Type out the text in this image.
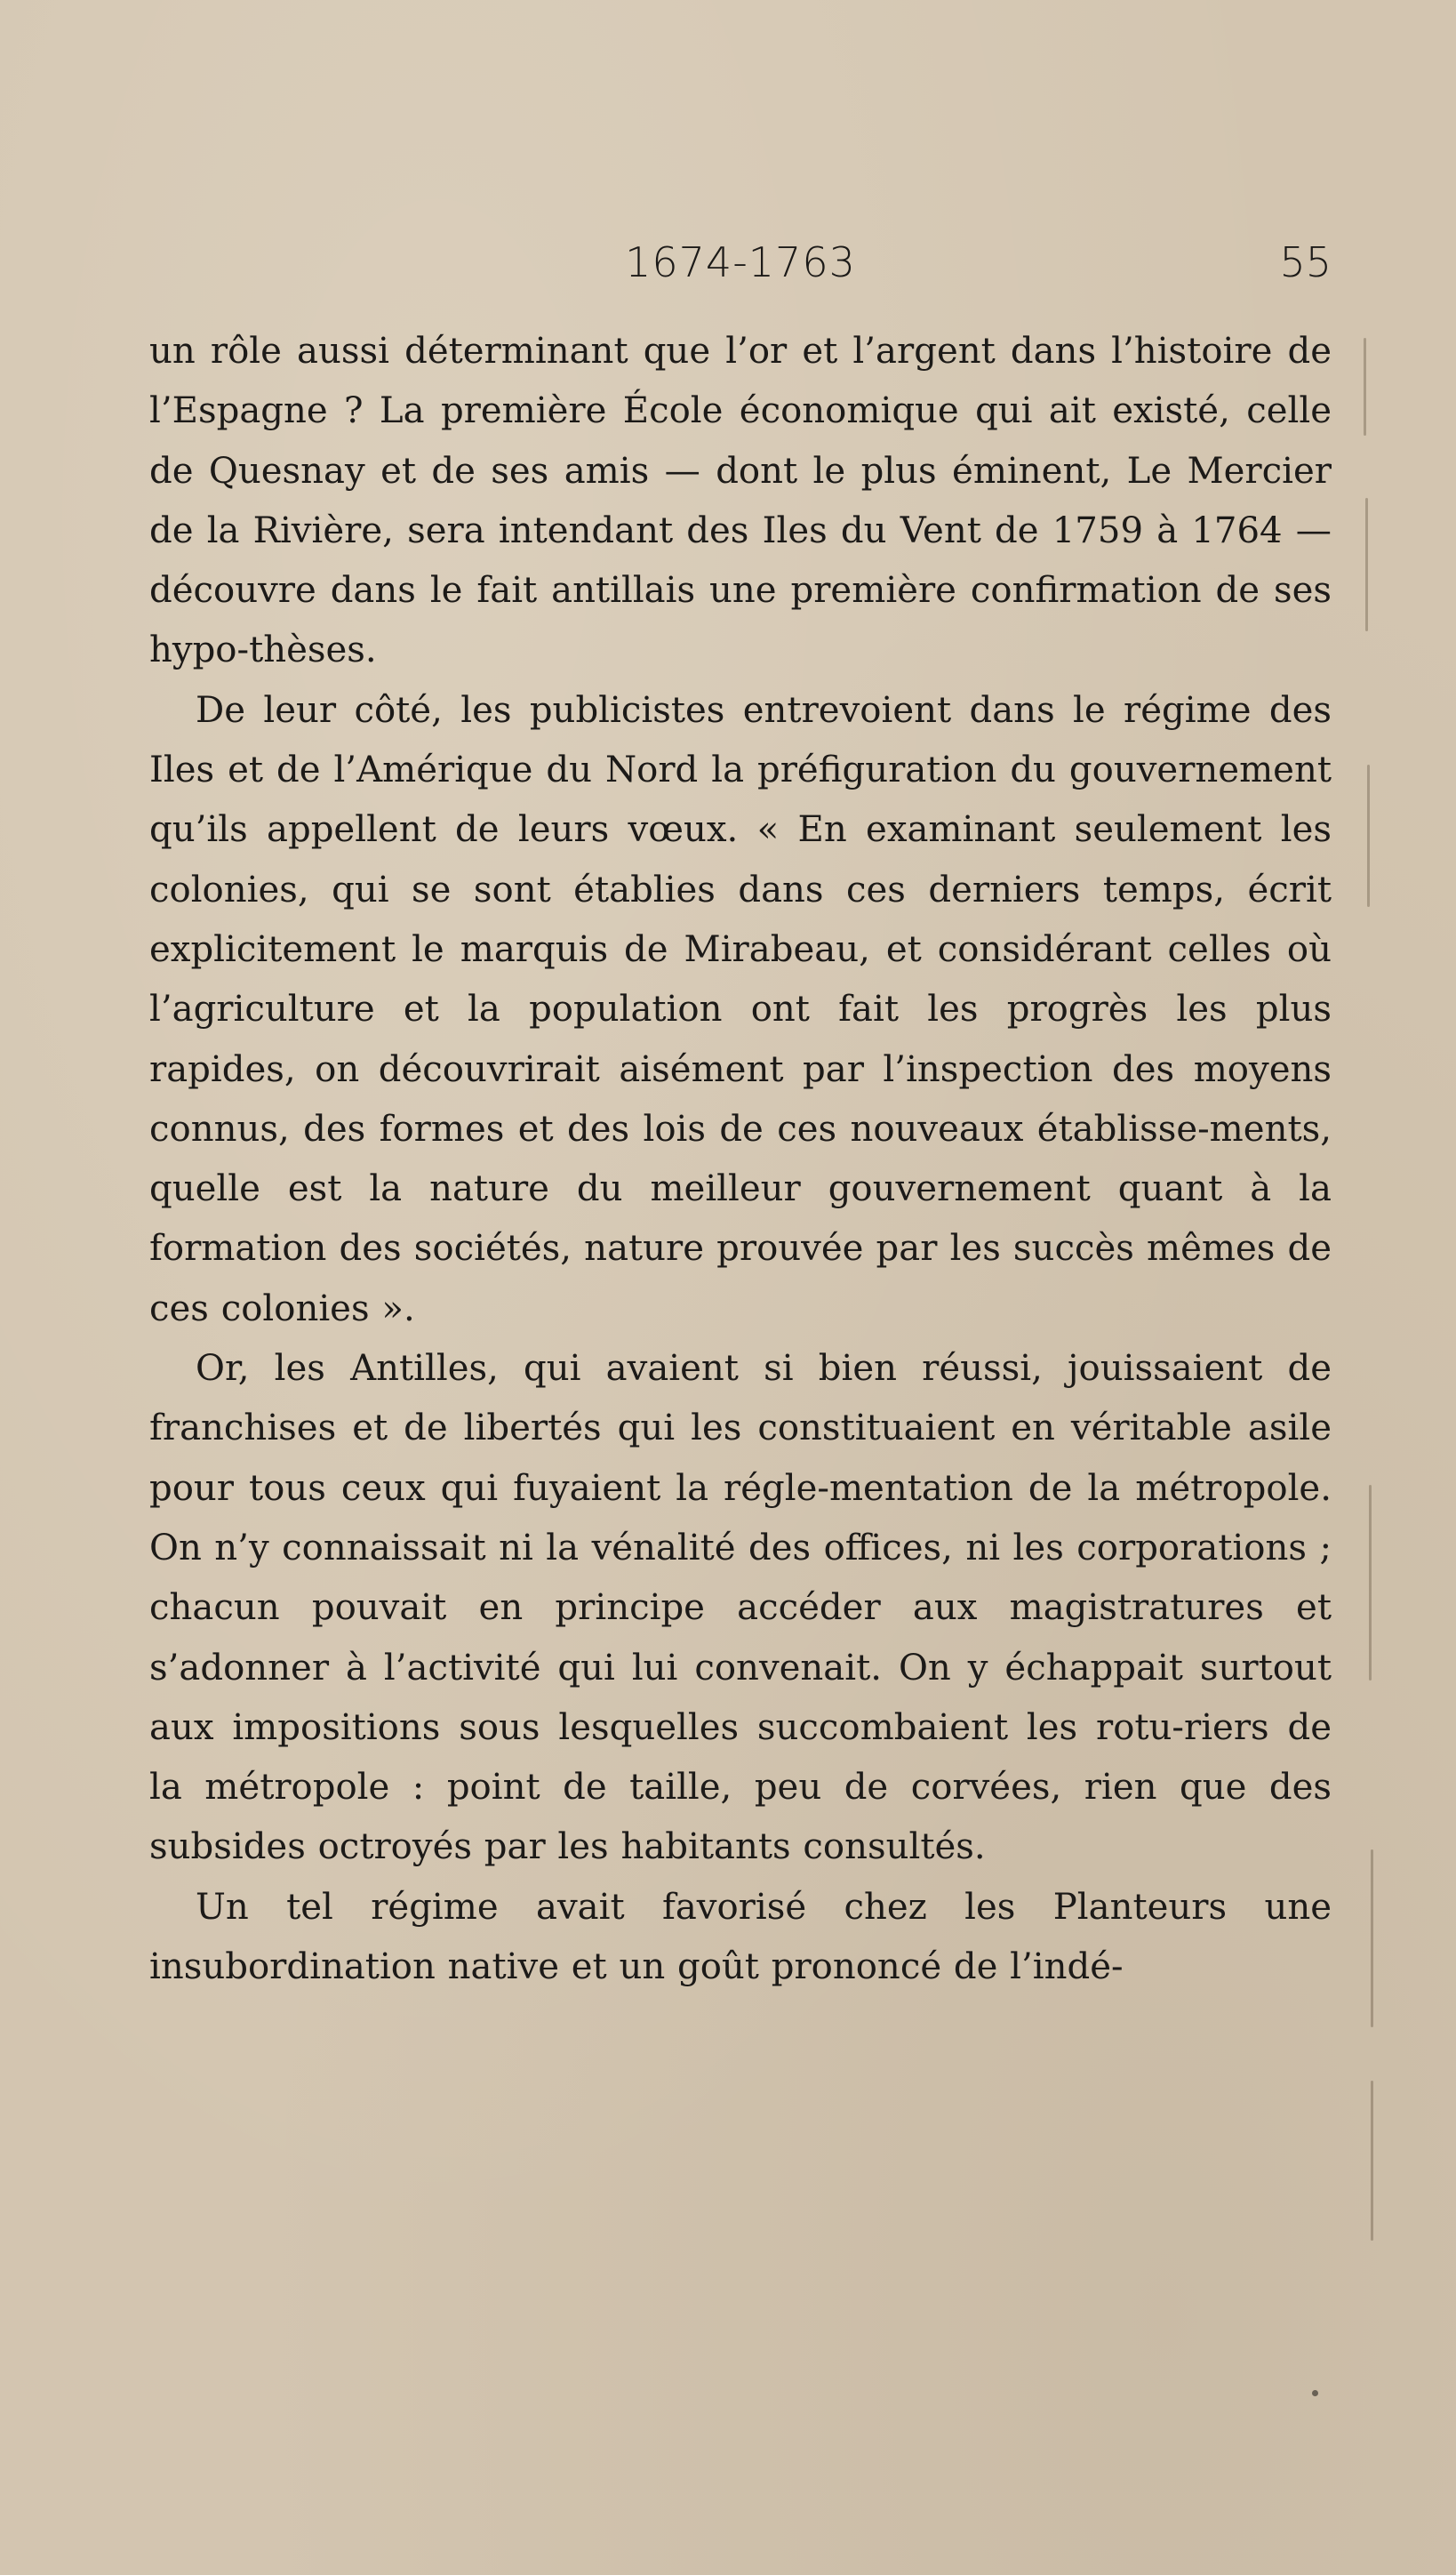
1674-1763	55

un rôle aussi déterminant que l’or et l’argent dans l’histoire de l’Espagne ? La première École économique qui ait existé, celle de Quesnay et de ses amis — dont le plus éminent, Le Mercier de la Rivière, sera intendant des Iles du Vent de 1759 à 1764 — découvre dans le fait antillais une première confirmation de ses hypo-thèses.

De leur côté, les publicistes entrevoient dans le régime des Iles et de l’Amérique du Nord la préfiguration du gouvernement qu’ils appellent de leurs vœux. « En examinant seulement les colonies, qui se sont établies dans ces derniers temps, écrit explicitement le marquis de Mirabeau, et considérant celles où l’agriculture et la population ont fait les progrès les plus rapides, on découvrirait aisément par l’inspection des moyens connus, des formes et des lois de ces nouveaux établisse-ments, quelle est la nature du meilleur gouvernement quant à la formation des sociétés, nature prouvée par les succès mêmes de ces colonies ».

Or, les Antilles, qui avaient si bien réussi, jouissaient de franchises et de libertés qui les constituaient en véritable asile pour tous ceux qui fuyaient la régle-mentation de la métropole. On n’y connaissait ni la vénalité des offices, ni les corporations ; chacun pouvait en principe accéder aux magistratures et s’adonner à l’activité qui lui convenait. On y échappait surtout aux impositions sous lesquelles succombaient les rotu-riers de la métropole : point de taille, peu de corvées, rien que des subsides octroyés par les habitants consultés.

Un tel régime avait favorisé chez les Planteurs une insubordination native et un goût prononcé de l’indé-
